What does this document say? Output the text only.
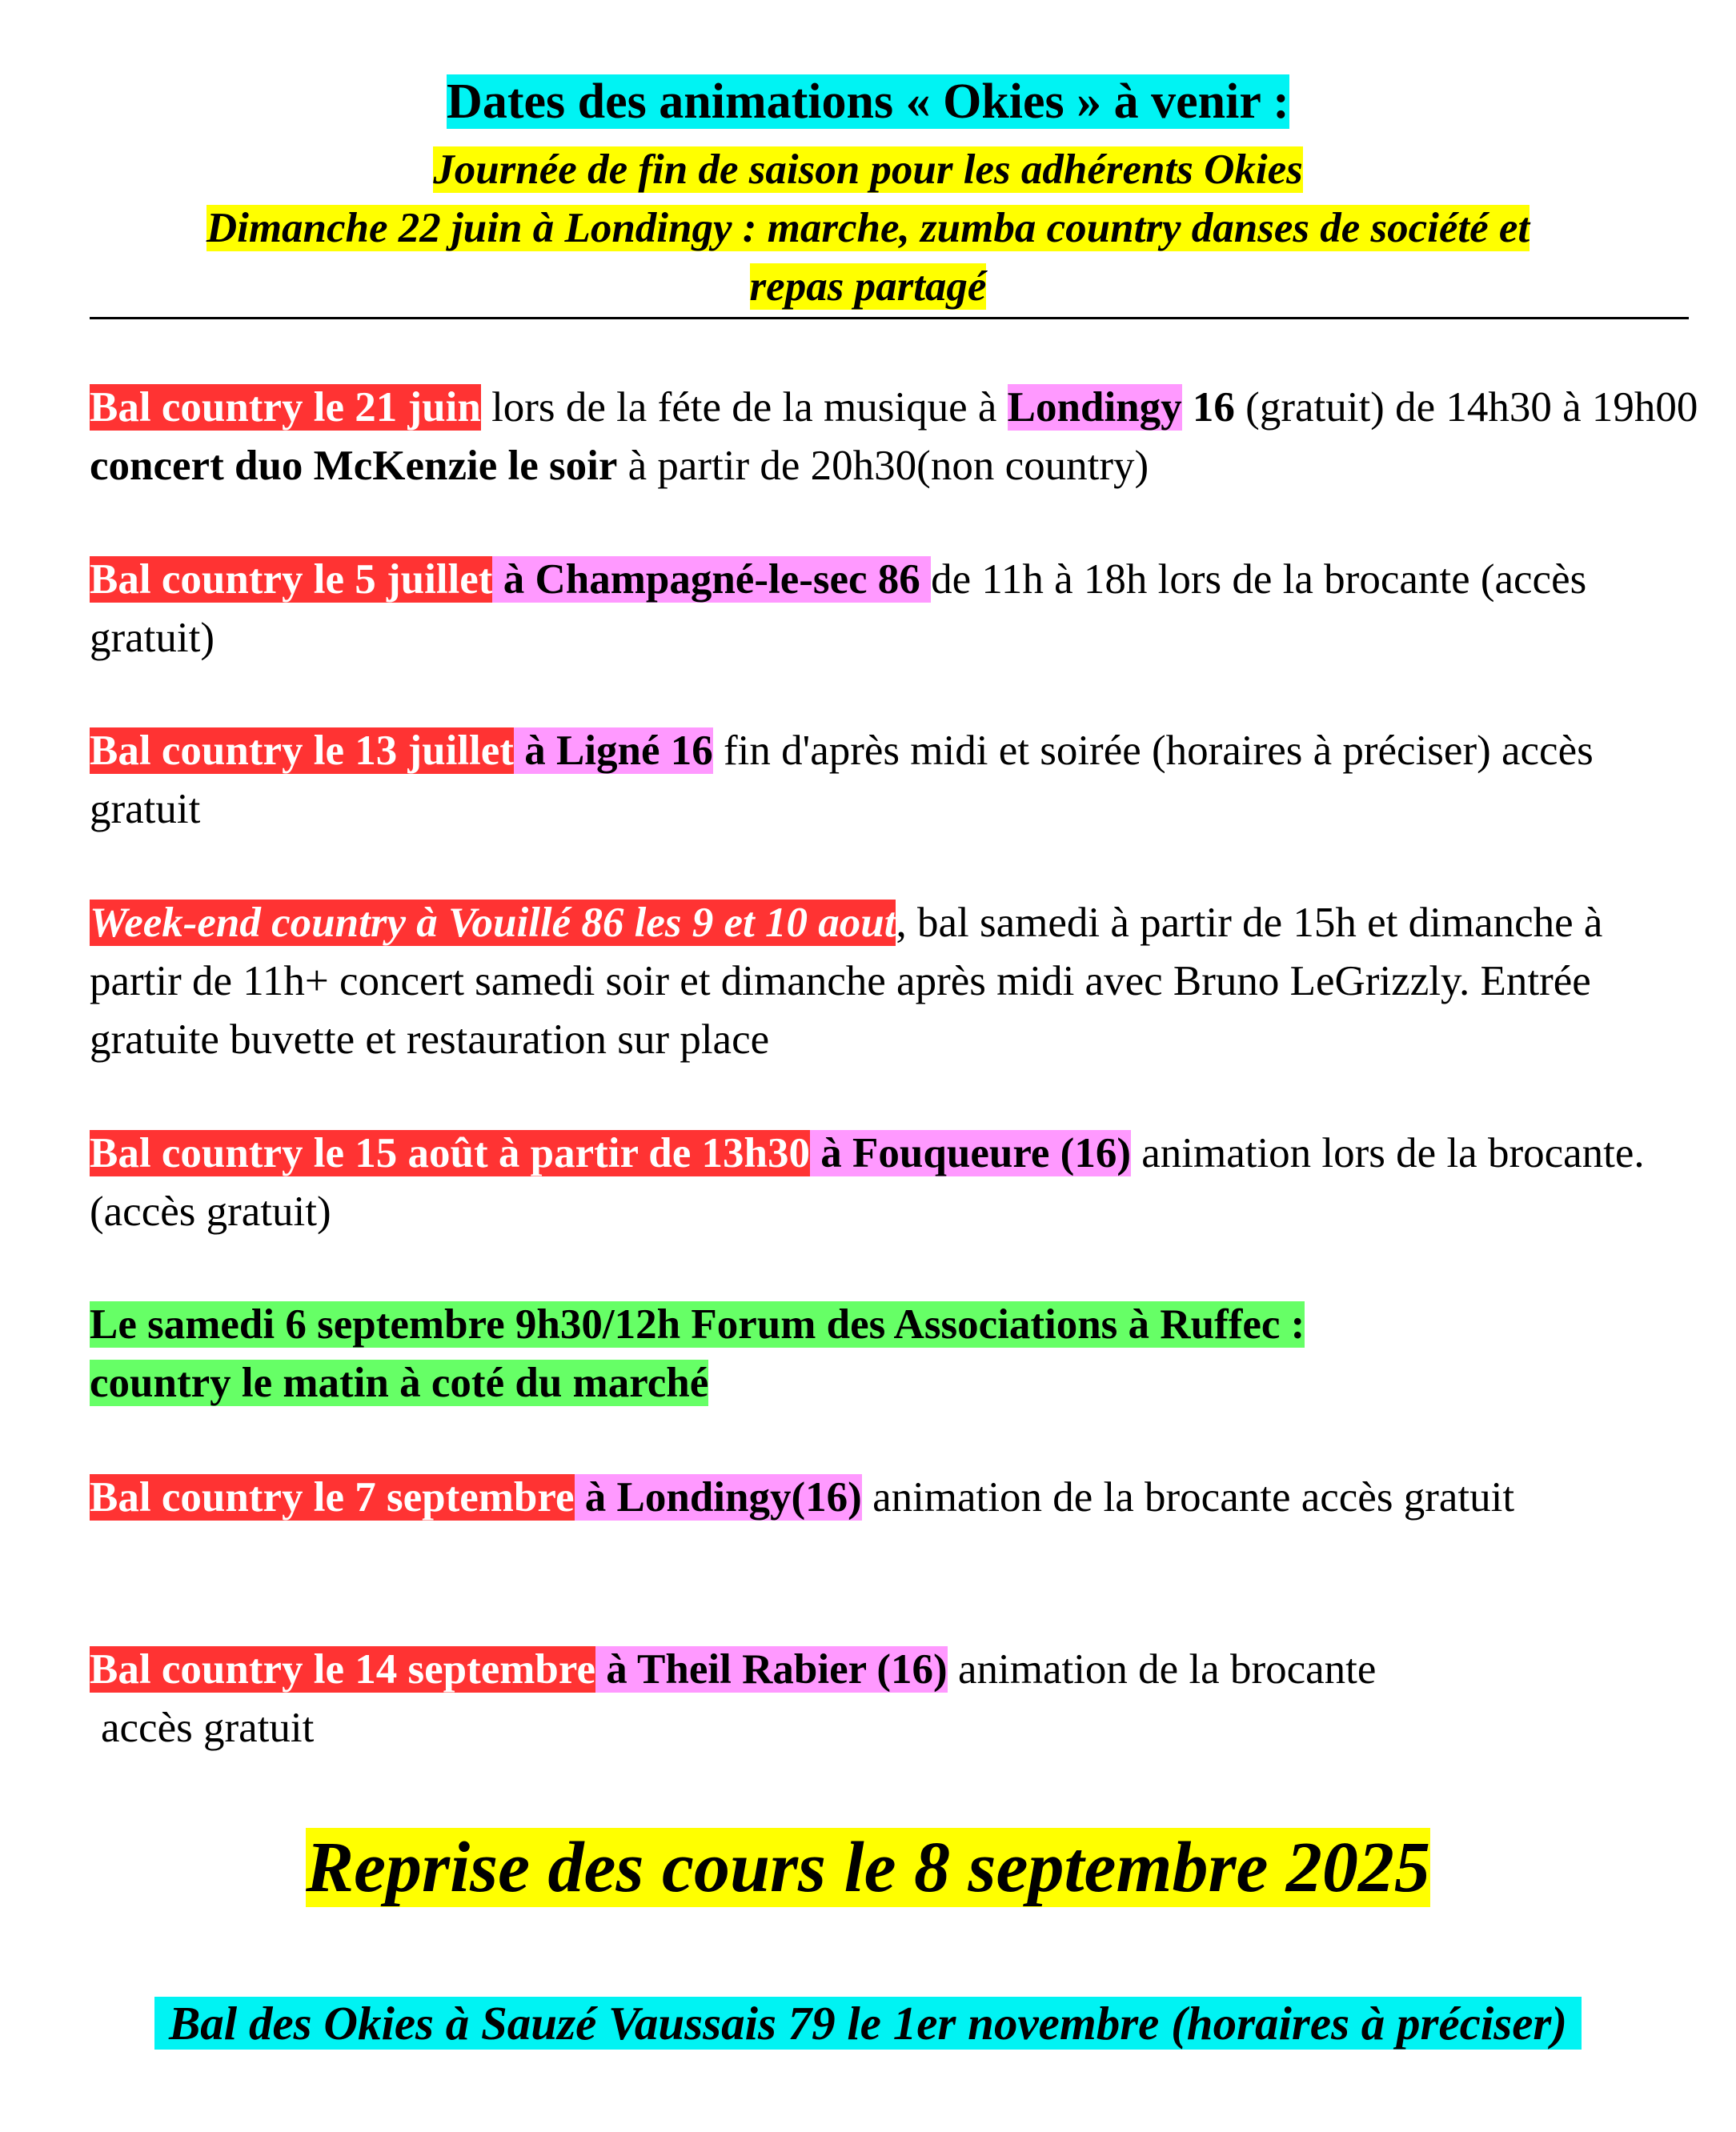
Dates des animations « Okies » à venir :
Journée de fin de saison pour les adhérents Okies
Dimanche 22 juin à Londingy : marche, zumba country danses de société et
repas partagé
Bal country le 21 juin lors de la féte de la musique à Londingy 16 (gratuit) de 14h30 à 19h00 concert duo McKenzie le soir à partir de 20h30(non country)
Bal country le 5 juillet à Champagné-le-sec 86 de 11h à 18h lors de la brocante (accès gratuit)
Bal country le 13 juillet à Ligné 16 fin d'après midi et soirée (horaires à préciser) accès gratuit
Week-end country à Vouillé 86 les 9 et 10 aout, bal samedi à partir de 15h et dimanche à partir de 11h+ concert samedi soir et dimanche après midi avec Bruno LeGrizzly. Entrée gratuite buvette et restauration sur place
Bal country le 15 août à partir de 13h30 à Fouqueure (16) animation lors de la brocante. (accès gratuit)
Le samedi 6 septembre 9h30/12h Forum des Associations à Ruffec :
country le matin à coté du marché
Bal country le 7 septembre à Londingy(16) animation de la brocante accès gratuit
Bal country le 14 septembre à Theil Rabier (16) animation de la brocante
accès gratuit
Reprise des cours le 8 septembre 2025
Bal des Okies à Sauzé Vaussais 79 le 1er novembre (horaires à préciser)
